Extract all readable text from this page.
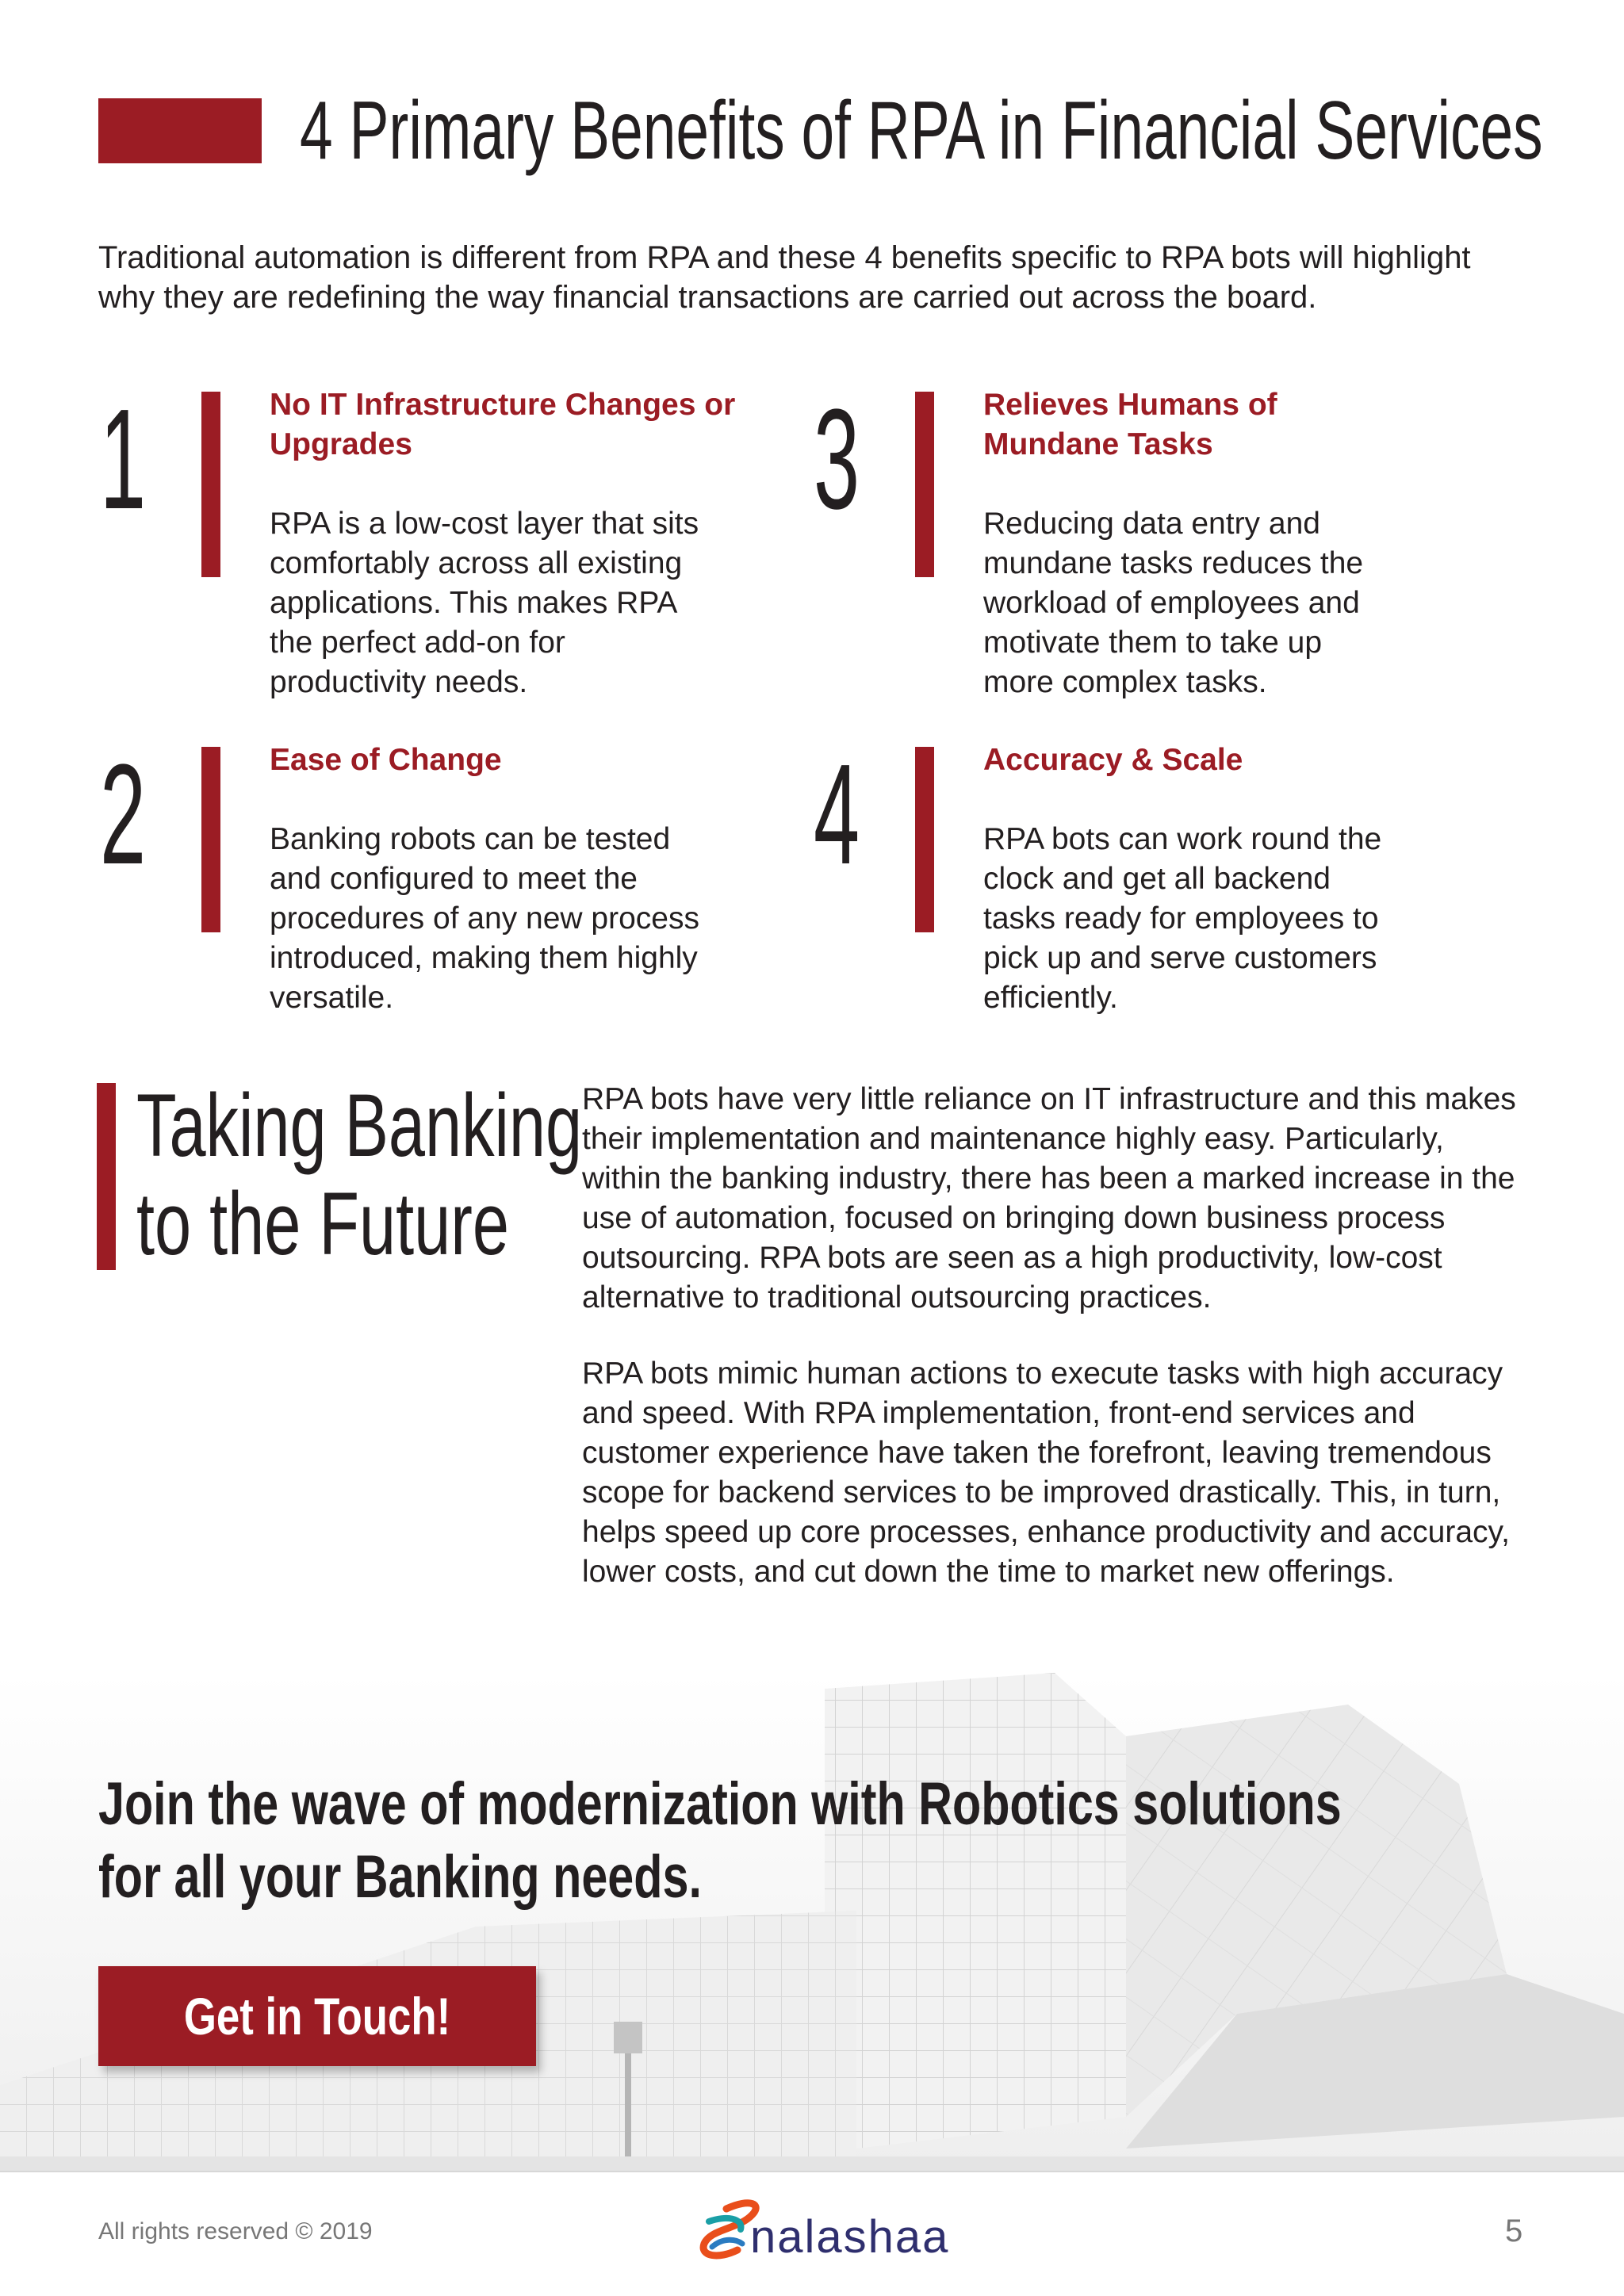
4 Primary Benefits of RPA in Financial Services

Traditional automation is different from RPA and these 4 benefits specific to RPA bots will highlight why they are redefining the way financial transactions are carried out across the board.

1	No IT Infrastructure Changes or Upgrades

RPA is a low-cost layer that sits comfortably across all existing applications. This makes RPA the perfect add-on for productivity needs.

2	Ease of Change

Banking robots can be tested and configured to meet the procedures of any new process introduced, making them highly versatile.

3	Relieves Humans of Mundane Tasks

Reducing data entry and mundane tasks reduces the workload of employees and motivate them to take up more complex tasks.

4	Accuracy & Scale

RPA bots can work round the clock and get all backend tasks ready for employees to pick up and serve customers efficiently.

Taking Banking
to the Future

RPA bots have very little reliance on IT infrastructure and this makes their implementation and maintenance highly easy. Particularly, within the banking industry, there has been a marked increase in the use of automation, focused on bringing down business process outsourcing. RPA bots are seen as a high productivity, low-cost alternative to traditional outsourcing practices.

RPA bots mimic human actions to execute tasks with high accuracy and speed. With RPA implementation, front-end services and customer experience have taken the forefront, leaving tremendous scope for backend services to be improved drastically. This, in turn, helps speed up core processes, enhance productivity and accuracy, lower costs, and cut down the time to market new offerings.

Join the wave of modernization with Robotics solutions
for all your Banking needs.
Get in Touch!

All rights reserved © 2019	nalashaa	5
